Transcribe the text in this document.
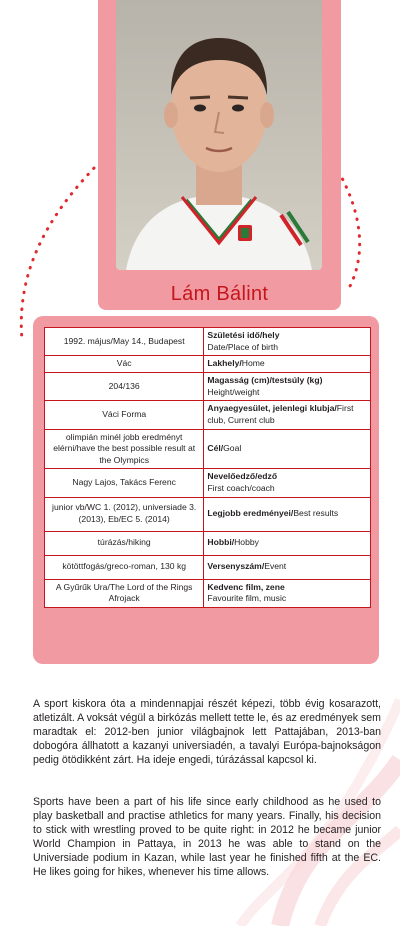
Lám Bálint
1992. május/May 14., Budapest	Születési idő/hely
Date/Place of birth
Vác	Lakhely/Home
204/136	Magasság (cm)/testsúly (kg)
Height/weight
Váci Forma	Anyaegyesület, jelenlegi klubja/First club, Current club
olimpián minél jobb eredményt elérni/have the best possible result at the Olympics	Cél/Goal
Nagy Lajos, Takács Ferenc	Nevelőedző/edző
First coach/coach
junior vb/WC 1. (2012), universiade 3. (2013), Eb/EC 5. (2014)	Legjobb eredményei/Best results
túrázás/hiking	Hobbi/Hobby
kötöttfogás/greco-roman, 130 kg	Versenyszám/Event
A Gyűrűk Ura/The Lord of the Rings Afrojack	Kedvenc film, zene
Favourite film, music

A sport kiskora óta a mindennapjai részét képezi, több évig kosarazott, atletizált. A voksát végül a birkózás mellett tette le, és az eredmények sem maradtak el: 2012-ben junior világbajnok lett Pattajában, 2013-ban dobogóra állhatott a kazanyi universiadén, a tavalyi Európa-bajnokságon pedig ötödikként zárt. Ha ideje engedi, túrázással kapcsol ki.

Sports have been a part of his life since early childhood as he used to play basketball and practise athletics for many years. Finally, his decision to stick with wrestling proved to be quite right: in 2012 he became junior World Champion in Pattaya, in 2013 he was able to stand on the Universiade podium in Kazan, while last year he finished fifth at the EC. He likes going for hikes, whenever his time allows.
